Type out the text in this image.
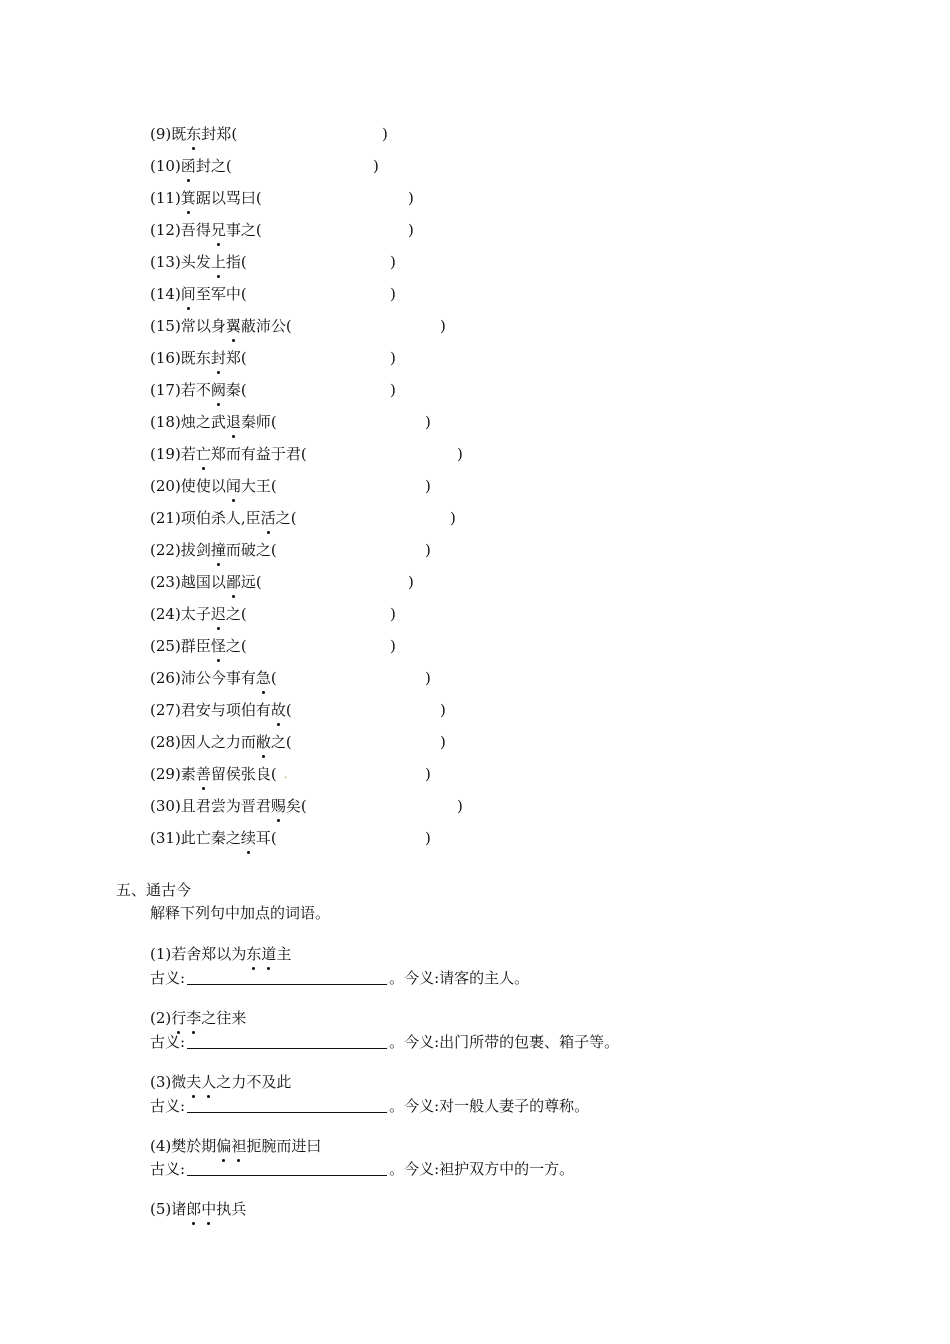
(9)既东
封郑(	)
(10)函
封之(	)
(11)箕
踞以骂曰(	)
(12)吾得兄
事之(	)
(13)头发上
指(	)
(14)间
至军中(	)
(15)常以身翼
蔽沛公(	)
(16)既东封
郑(	)
(17)若不阙
秦(	)
(18)烛之武退
秦师(	)
(19)若亡
郑而有益于君(	)
(20)使使以闻
大王(	)
(21)项伯杀人,臣活
之(	)
(22)拔剑撞
而破之(	)
(23)越国以鄙
远(	)
(24)太子迟
之(	)
(25)群臣怪
之(	)
(26)沛公今事有急
(	)
(27)君安与项伯有故
(	)
(28)因人之力而敝
之(	)
(29)素善
留侯张良(	)
(30)且君尝为晋君赐
矣(	)
(31)此亡秦之续
耳(	)
五、通古今
解释下列句中加点的词语。
(1)若舍郑以为东
道
主
古义:	。今义:请客的主人。
(2)行
李
之往来
古义:	。今义:出门所带的包裹、箱子等。
(3)微夫
人
之力不及此
古义:	。今义:对一般人妻子的尊称。
(4)樊於期偏
袒
扼腕而进曰
古义:	。今义:袒护双方中的一方。
(5)诸郎
中
执兵
·
